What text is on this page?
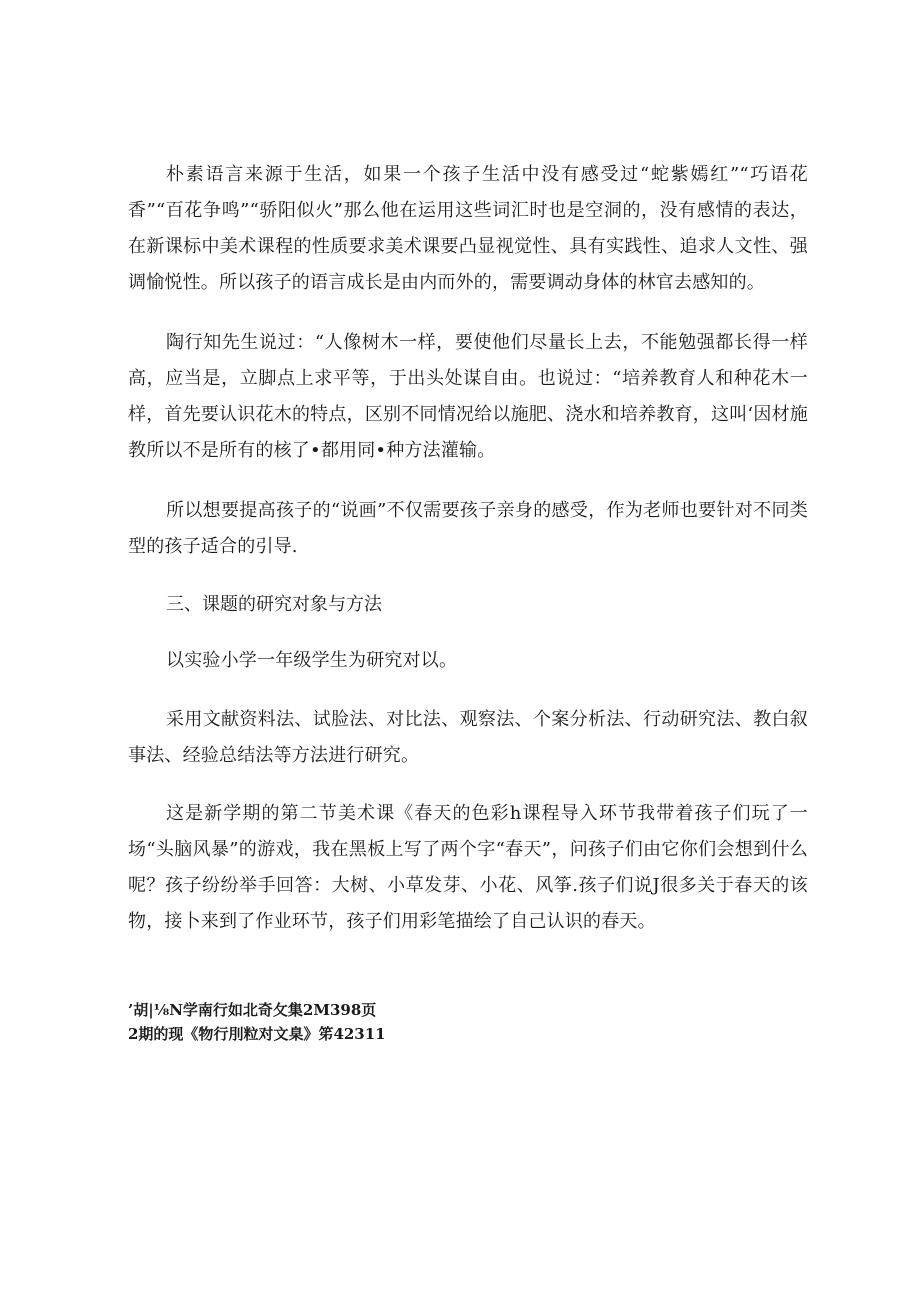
朴素语言来源于生活，如果一个孩子生活中没有感受过“蛇紫嫣红”“巧语花香”“百花争鸣”“骄阳似火”那么他在运用这些词汇时也是空洞的，没有感情的表达，在新课标中美术课程的性质要求美术课要凸显视觉性、具有实践性、追求人文性、强调愉悦性。所以孩子的语言成长是由内而外的，需要调动身体的林官去感知的。

陶行知先生说过：“人像树木一样，要使他们尽量长上去，不能勉强都长得一样高，应当是，立脚点上求平等，于出头处谋自由。也说过：“培养教育人和种花木一样，首先要认识花木的特点，区别不同情况给以施肥、浇水和培养教育，这叫‘因材施教所以不是所有的核了•都用同•种方法灌输。

所以想要提高孩子的“说画”不仅需要孩子亲身的感受，作为老师也要针对不同类型的孩子适合的引导.

三、课题的研究对象与方法

以实验小学一年级学生为研究对以。

采用文献资料法、试脸法、对比法、观察法、个案分析法、行动研究法、教白叙事法、经验总结法等方法进行研究。

这是新学期的第二节美术课《春天的色彩h课程导入环节我带着孩子们玩了一场“头脑风暴”的游戏，我在黑板上写了两个字“春天”，问孩子们由它你们会想到什么呢？孩子纷纷举手回答：大树、小草发芽、小花、风筝.孩子们说J很多关于春天的该物，接卜来到了作业环节，孩子们用彩笔描绘了自己认识的春天。

’胡|⅛N学南行如北奇攵集2M398页

2期的现《物行刖粒对文臬》笫42311
